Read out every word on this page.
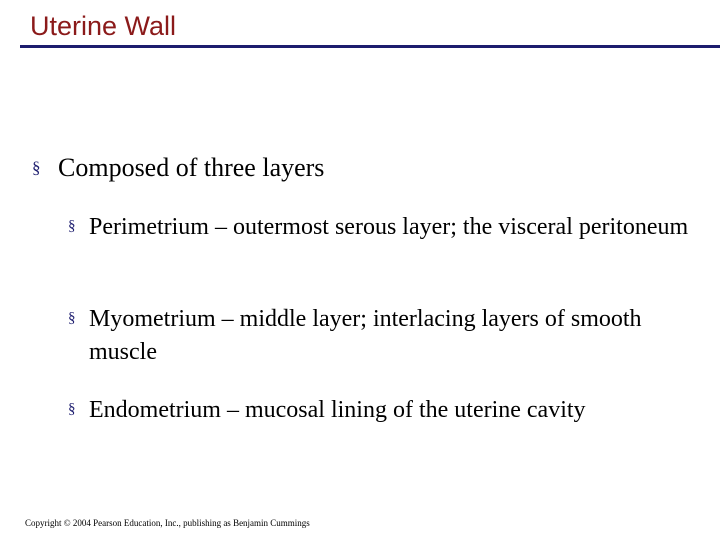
Uterine Wall
§ Composed of three layers
§ Perimetrium – outermost serous layer; the visceral peritoneum
§ Myometrium – middle layer; interlacing layers of smooth muscle
§ Endometrium – mucosal lining of the uterine cavity
Copyright © 2004 Pearson Education, Inc., publishing as Benjamin Cummings
